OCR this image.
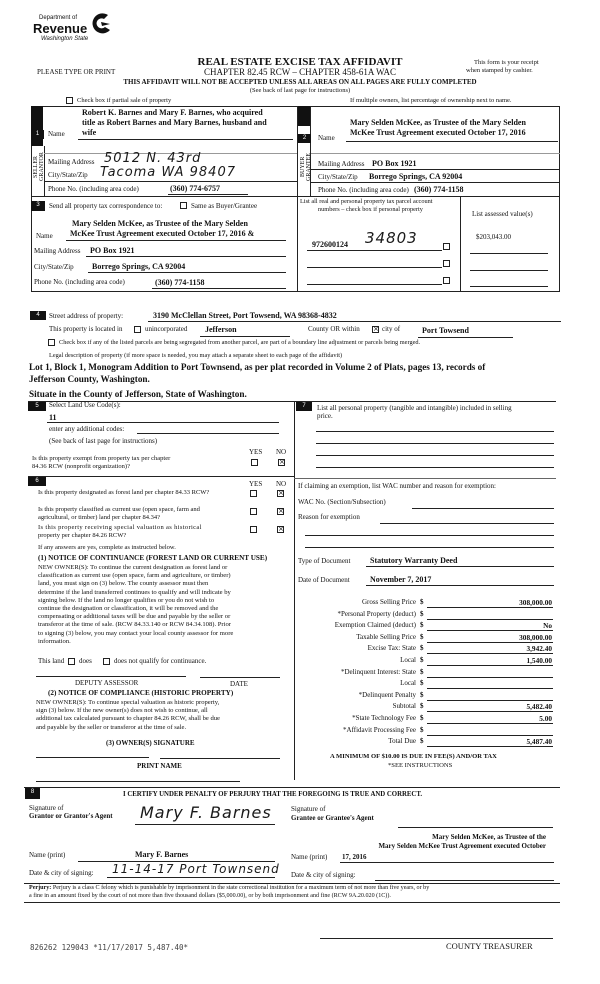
Department of
Revenue
Washington State
REAL ESTATE EXCISE TAX AFFIDAVIT
PLEASE TYPE OR PRINT	CHAPTER 82.45 RCW – CHAPTER 458-61A WAC
This form is your receipt
when stamped by cashier.
THIS AFFIDAVIT WILL NOT BE ACCEPTED UNLESS ALL AREAS ON ALL PAGES ARE FULLY COMPLETED
(See back of last page for instructions)
Check box if partial sale of property	If multiple owners, list percentage of ownership next to name.
1
Robert K. Barnes and Mary F. Barnes, who acquired
title as Robert Barnes and Mary Barnes, husband and
wife
Name
Mailing Address 5012 N. 43rd
City/State/Zip Tacoma WA 98407
Phone No. (including area code)	(360) 774-6757
SELLER GRANTOR
2
BUYER GRANTEE
Name
Mary Selden McKee, as Trustee of the Mary Selden
McKee Trust Agreement executed October 17, 2016
Mailing Address PO Box 1921
City/State/Zip Borrego Springs, CA 92004
Phone No. (including area code) (360) 774-1158
3	Send all property tax correspondence to:	Same as Buyer/Grantee
Name
Mary Selden McKee, as Trustee of the Mary Selden
McKee Trust Agreement executed October 17, 2016 &
Mailing Address PO Box 1921
City/State/Zip Borrego Springs, CA 92004
Phone No. (including area code)	(360) 774-1158
List all real and personal property tax parcel account
numbers – check box if personal property
List assessed value(s)
972600124 34803	$203,043.00
4	Street address of property:	3190 McClellan Street, Port Towsend, WA 98368-4832
This property is located in	unincorporated Jefferson	County OR within × city of	Port Towsend
Check box if any of the listed parcels are being segregated from another parcel, are part of a boundary line adjustment or parcels being merged.
Legal description of property (if more space is needed, you may attach a separate sheet to each page of the affidavit)
Lot 1, Block 1, Monogram Addition to Port Townsend, as per plat recorded in Volume 2 of Plats, pages 13, records of
Jefferson County, Washington.
Situate in the County of Jefferson, State of Washington.
5	Select Land Use Code(s):
11
enter any additional codes:
(See back of last page for instructions)
YES NO
Is this property exempt from property tax per chapter
84.36 RCW (nonprofit organization)?
×
6	YES NO
Is this property designated as forest land per chapter 84.33 RCW?	×
Is this property classified as current use (open space, farm and
agricultural, or timber) land per chapter 84.34?
×
Is this property receiving special valuation as historical
property per chapter 84.26 RCW?
×
If any answers are yes, complete as instructed below.
(1) NOTICE OF CONTINUANCE (FOREST LAND OR CURRENT USE)
NEW OWNER(S): To continue the current designation as forest land or
classification as current use (open space, farm and agriculture, or timber)
land, you must sign on (3) below. The county assessor must then
determine if the land transferred continues to qualify and will indicate by
signing below. If the land no longer qualifies or you do not wish to
continue the designation or classification, it will be removed and the
compensating or additional taxes will be due and payable by the seller or
transferor at the time of sale. (RCW 84.33.140 or RCW 84.34.108). Prior
to signing (3) below, you may contact your local county assessor for more
information.
This land does	does not qualify for continuance.
DEPUTY ASSESSOR	DATE
(2) NOTICE OF COMPLIANCE (HISTORIC PROPERTY)
NEW OWNER(S): To continue special valuation as historic property,
sign (3) below. If the new owner(s) does not wish to continue, all
additional tax calculated pursuant to chapter 84.26 RCW, shall be due
and payable by the seller or transferor at the time of sale.
(3) OWNER(S) SIGNATURE
PRINT NAME
7	List all personal property (tangible and intangible) included in selling
price.
If claiming an exemption, list WAC number and reason for exemption:
WAC No. (Section/Subsection)
Reason for exemption
Type of Document Statutory Warranty Deed
Date of Document	November 7, 2017
Gross Selling Price $	308,000.00
*Personal Property (deduct) $
Exemption Claimed (deduct) $	No
Taxable Selling Price $	308,000.00
Excise Tax: State $	3,942.40
Local $	1,540.00
*Delinquent Interest: State $
Local $
*Delinquent Penalty $
Subtotal $	5,482.40
*State Technology Fee $	5.00
*Affidavit Processing Fee $
Total Due $	5,487.40
A MINIMUM OF $10.00 IS DUE IN FEE(S) AND/OR TAX
*SEE INSTRUCTIONS
8	I CERTIFY UNDER PENALTY OF PERJURY THAT THE FOREGOING IS TRUE AND CORRECT.
Signature of
Grantor or Grantor's Agent Mary F. Barnes	Signature of
Grantee or Grantee's Agent
Name (print)	Mary F. Barnes
Date & city of signing: 11-14-17 Port Townsend
Mary Selden McKee, as Trustee of the
Mary Selden McKee Trust Agreement executed October
Name (print) 17, 2016
Date & city of signing:
Perjury: Perjury is a class C felony which is punishable by imprisonment in the state correctional institution for a maximum term of not more than five years, or by
a fine in an amount fixed by the court of not more than five thousand dollars ($5,000.00), or by both imprisonment and fine (RCW 9A.20.020 (1C)).
826262 129043 *11/17/2017 5,487.40*	COUNTY TREASURER
